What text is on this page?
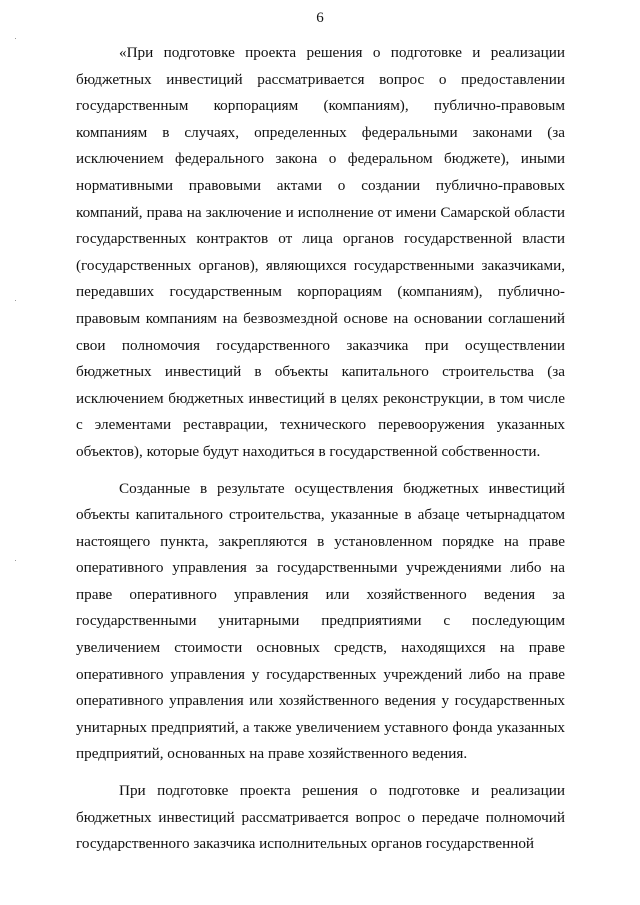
6

«При подготовке проекта решения о подготовке и реализации бюджетных инвестиций рассматривается вопрос о предоставлении государственным корпорациям (компаниям), публично-правовым компаниям в случаях, определенных федеральными законами (за исключением федерального закона о федеральном бюджете), иными нормативными правовыми актами о создании публично-правовых компаний, права на заключение и исполнение от имени Самарской области государственных контрактов от лица органов государственной власти (государственных органов), являющихся государственными заказчиками, передавших государственным корпорациям (компаниям), публично-правовым компаниям на безвозмездной основе на основании соглашений свои полномочия государственного заказчика при осуществлении бюджетных инвестиций в объекты капитального строительства (за исключением бюджетных инвестиций в целях реконструкции, в том числе с элементами реставрации, технического перевооружения указанных объектов), которые будут находиться в государственной собственности.

Созданные в результате осуществления бюджетных инвестиций объекты капитального строительства, указанные в абзаце четырнадцатом настоящего пункта, закрепляются в установленном порядке на праве оперативного управления за государственными учреждениями либо на праве оперативного управления или хозяйственного ведения за государственными унитарными предприятиями с последующим увеличением стоимости основных средств, находящихся на праве оперативного управления у государственных учреждений либо на праве оперативного управления или хозяйственного ведения у государственных унитарных предприятий, а также увеличением уставного фонда указанных предприятий, основанных на праве хозяйственного ведения.

При подготовке проекта решения о подготовке и реализации бюджетных инвестиций рассматривается вопрос о передаче полномочий государственного заказчика исполнительных органов государственной
